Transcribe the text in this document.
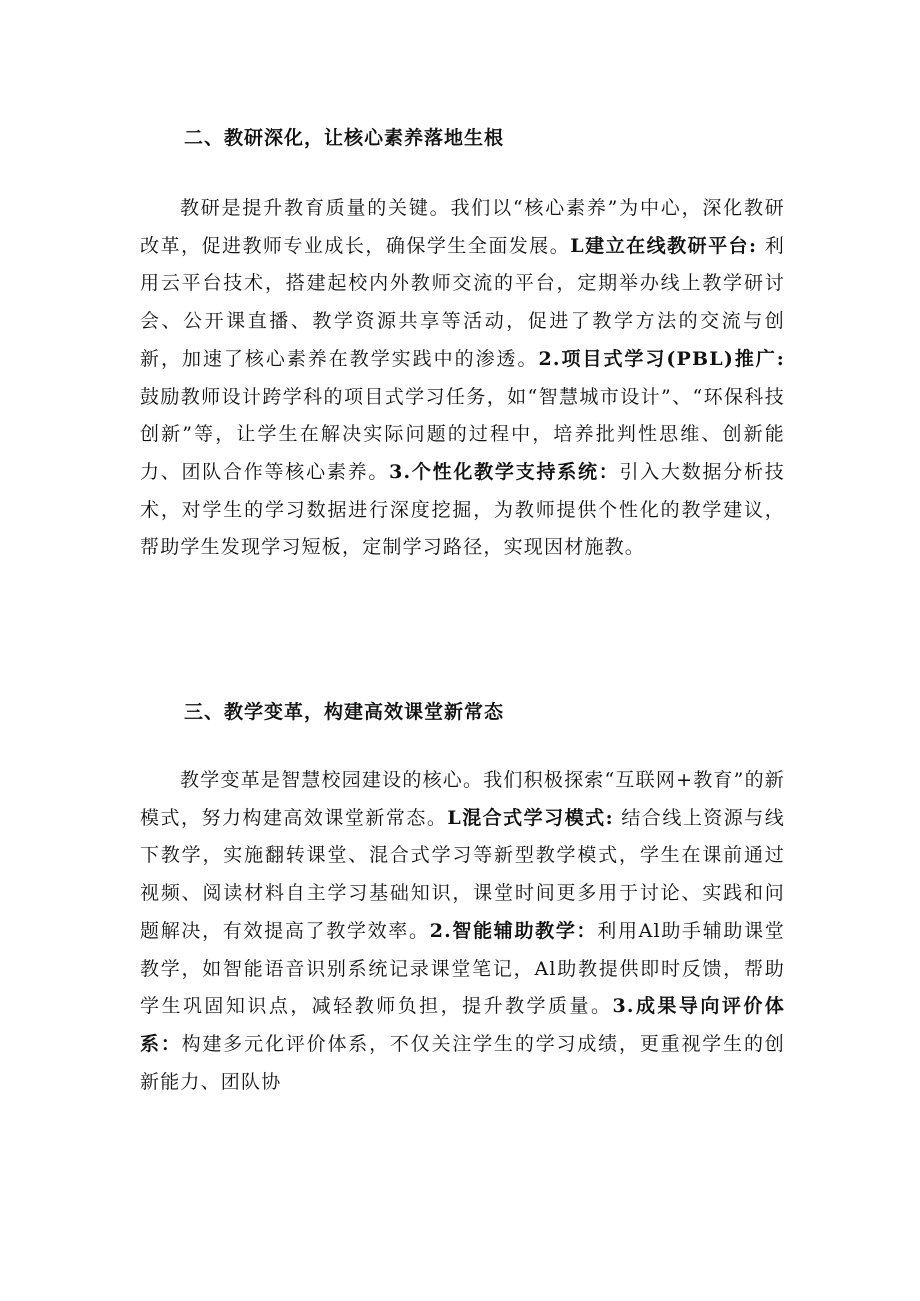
二、教研深化，让核心素养落地生根
教研是提升教育质量的关键。我们以“核心素养”为中心，深化教研改革，促进教师专业成长，确保学生全面发展。L建立在线教研平台: 利用云平台技术，搭建起校内外教师交流的平台，定期举办线上教学研讨会、公开课直播、教学资源共享等活动，促进了教学方法的交流与创新，加速了核心素养在教学实践中的渗透。2.项目式学习(PBL)推广: 鼓励教师设计跨学科的项目式学习任务，如“智慧城市设计”、“环保科技创新”等，让学生在解决实际问题的过程中，培养批判性思维、创新能力、团队合作等核心素养。3.个性化教学支持系统：引入大数据分析技术，对学生的学习数据进行深度挖掘，为教师提供个性化的教学建议，帮助学生发现学习短板，定制学习路径，实现因材施教。
三、教学变革，构建高效课堂新常态
教学变革是智慧校园建设的核心。我们积极探索“互联网+教育”的新模式，努力构建高效课堂新常态。L混合式学习模式: 结合线上资源与线下教学，实施翻转课堂、混合式学习等新型教学模式，学生在课前通过视频、阅读材料自主学习基础知识，课堂时间更多用于讨论、实践和问题解决，有效提高了教学效率。2.智能辅助教学：利用Al助手辅助课堂教学，如智能语音识别系统记录课堂笔记，Al助教提供即时反馈，帮助学生巩固知识点，减轻教师负担，提升教学质量。3.成果导向评价体系：构建多元化评价体系，不仅关注学生的学习成绩，更重视学生的创新能力、团队协
